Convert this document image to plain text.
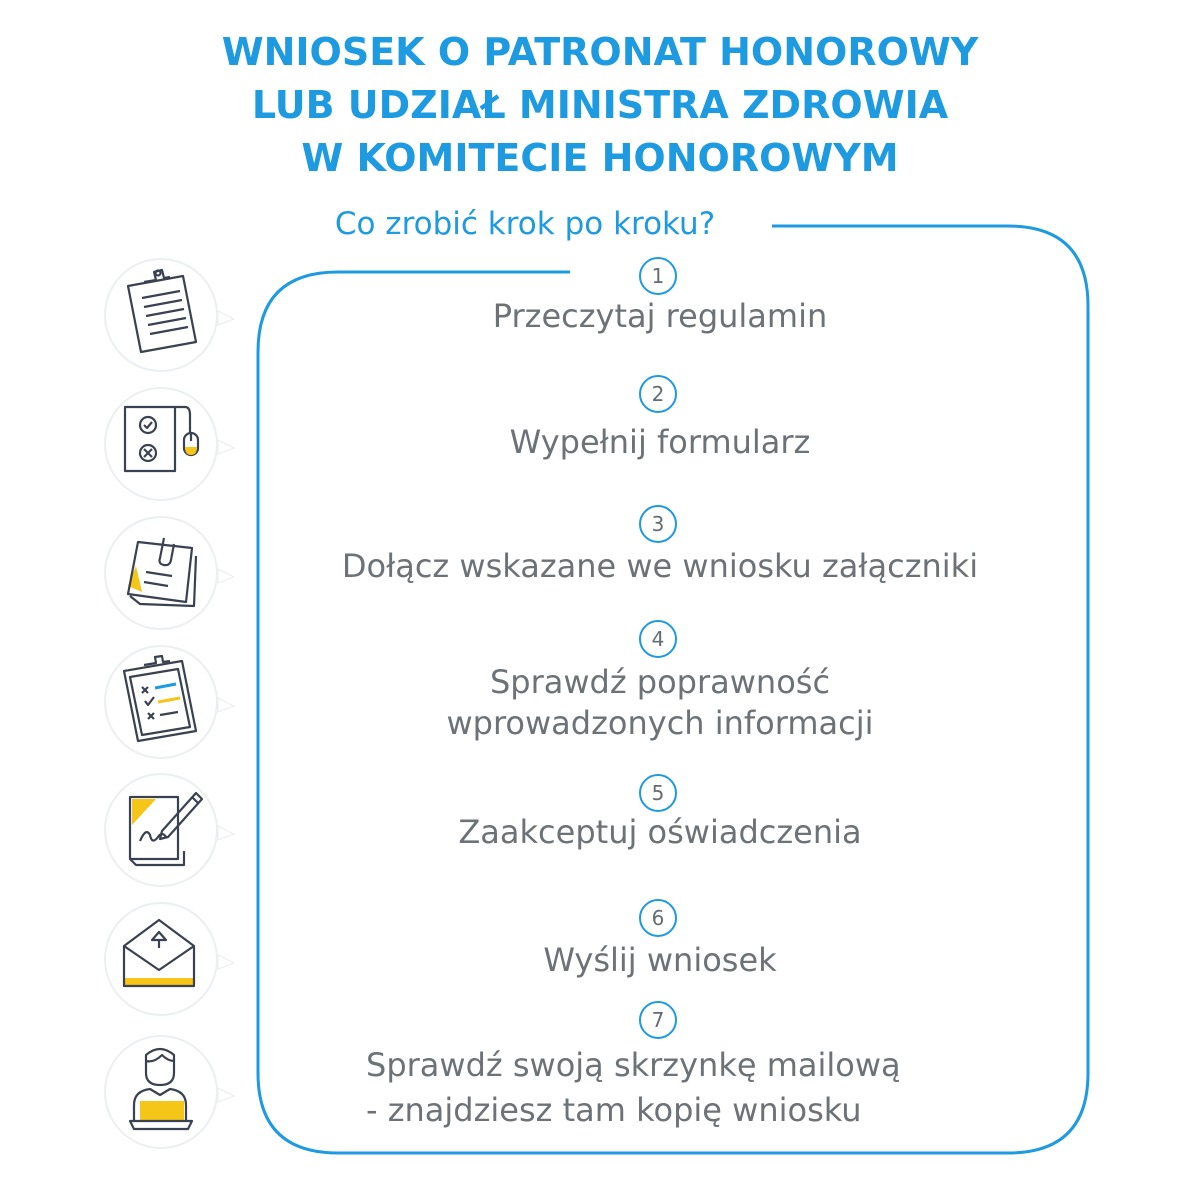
WNIOSEK O PATRONAT HONOROWY
LUB UDZIAŁ MINISTRA ZDROWIA
W KOMITECIE HONOROWYM
Co zrobić krok po kroku?
1
Przeczytaj regulamin
2
Wypełnij formularz
3
Dołącz wskazane we wniosku załączniki
4
Sprawdź poprawność
wprowadzonych informacji
5
Zaakceptuj oświadczenia
6
Wyślij wniosek
7
Sprawdź swoją skrzynkę mailową
- znajdziesz tam kopię wniosku
